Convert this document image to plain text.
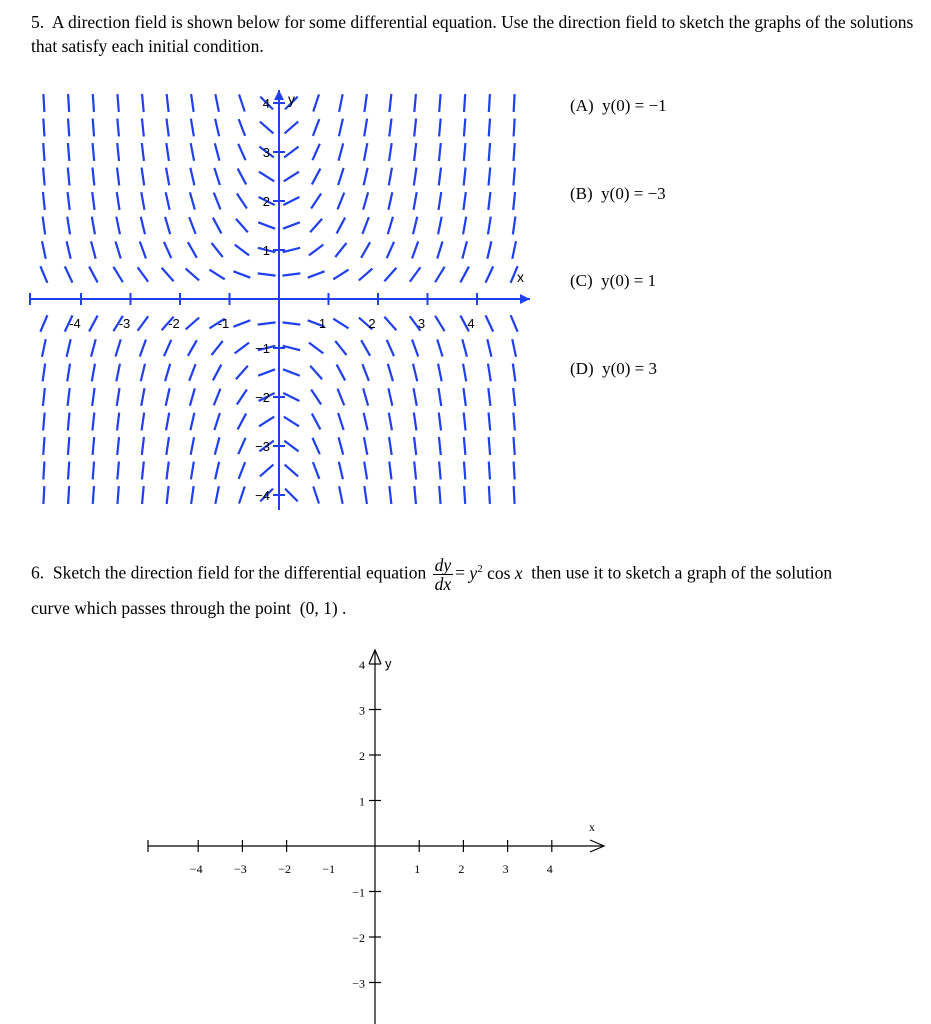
5. A direction field is shown below for some differential equation. Use the direction field to sketch the graphs of the solutions that satisfy each initial condition.

-4	-3	-2	-1	1	2	3	4
4
3
2
1
−1
−2
−3
−4
x
y	(A) y(0) = −1
(B) y(0) = −3
(C) y(0) = 1
(D) y(0) = 3
6. Sketch the direction field for the differential equation $\frac{dy}{dx} = y^2$ cos x then use it to sketch a graph of the solution
curve which passes through the point (0, 1) .
−4	−3	−2	−1	1	2	3	4
4
3
2
1
−1
−2
−3
x
y
